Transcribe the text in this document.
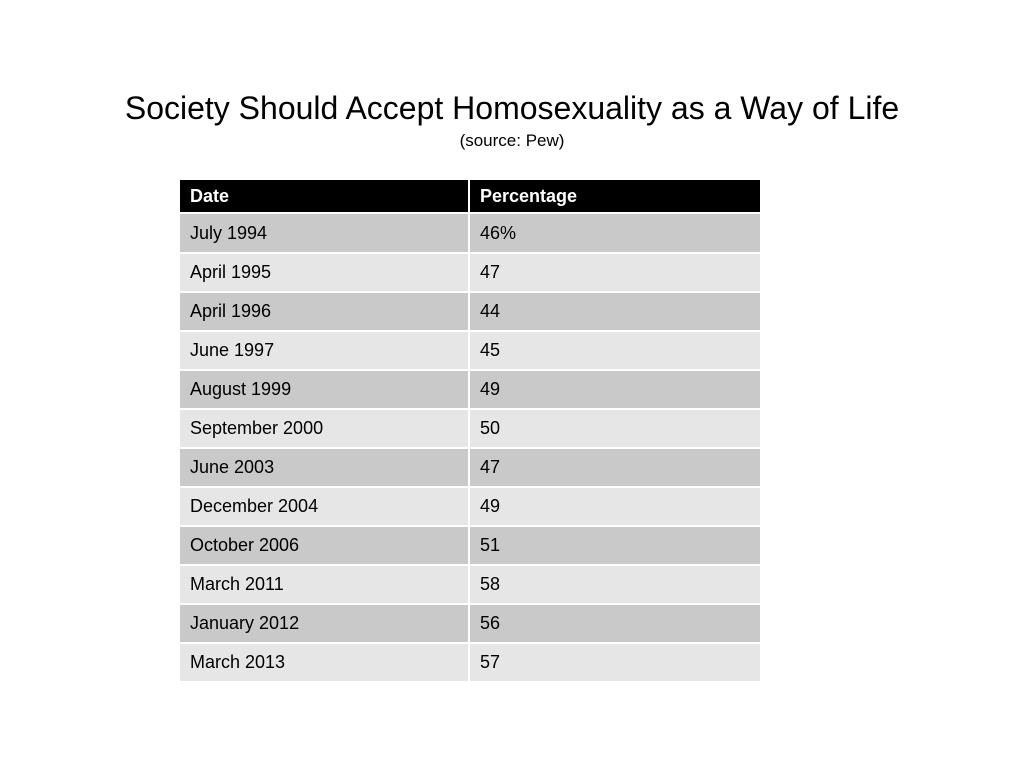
Society Should Accept Homosexuality as a Way of Life
(source: Pew)
Date	Percentage
July 1994	46%
April 1995	47
April 1996	44
June 1997	45
August 1999	49
September 2000	50
June 2003	47
December 2004	49
October 2006	51
March 2011	58
January 2012	56
March 2013	57
